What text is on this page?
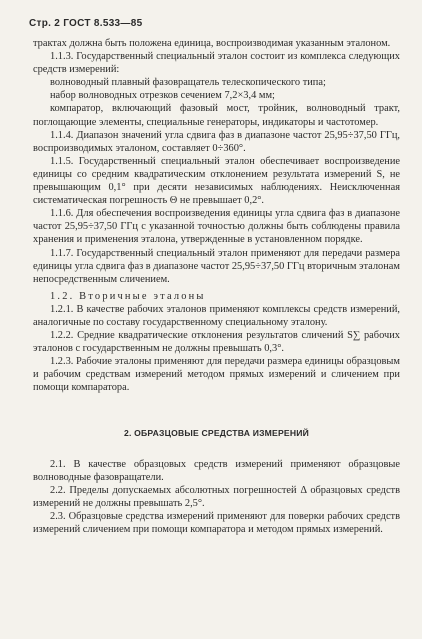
Стр. 2 ГОСТ 8.533—85

трактах должна быть положена единица, воспроизводимая указанным эталоном.

1.1.3. Государственный специальный эталон состоит из комплекса следующих средств измерений:

волноводный плавный фазовращатель телескопического типа;

набор волноводных отрезков сечением 7,2×3,4 мм;

компаратор, включающий фазовый мост, тройник, волноводный тракт, поглощающие элементы, специальные генераторы, индикаторы и частотомер.

1.1.4. Диапазон значений угла сдвига фаз в диапазоне частот 25,95÷37,50 ГГц, воспроизводимых эталоном, составляет 0÷360°.

1.1.5. Государственный специальный эталон обеспечивает воспроизведение единицы со средним квадратическим отклонением результата измерений S, не превышающим 0,1° при десяти независимых наблюдениях. Неисключенная систематическая погрешность Θ не превышает 0,2°.

1.1.6. Для обеспечения воспроизведения единицы угла сдвига фаз в диапазоне частот 25,95÷37,50 ГГц с указанной точностью должны быть соблюдены правила хранения и применения эталона, утвержденные в установленном порядке.

1.1.7. Государственный специальный эталон применяют для передачи размера единицы угла сдвига фаз в диапазоне частот 25,95÷37,50 ГГц вторичным эталонам непосредственным сличением.

1.2. Вторичные эталоны

1.2.1. В качестве рабочих эталонов применяют комплексы средств измерений, аналогичные по составу государственному специальному эталону.

1.2.2. Средние квадратические отклонения результатов сличений S∑ рабочих эталонов с государственным не должны превышать 0,3°.

1.2.3. Рабочие эталоны применяют для передачи размера единицы образцовым и рабочим средствам измерений методом прямых измерений и сличением при помощи компаратора.

2. ОБРАЗЦОВЫЕ СРЕДСТВА ИЗМЕРЕНИЙ

2.1. В качестве образцовых средств измерений применяют образцовые волноводные фазовращатели.

2.2. Пределы допускаемых абсолютных погрешностей Δ образцовых средств измерений не должны превышать 2,5°.

2.3. Образцовые средства измерений применяют для поверки рабочих средств измерений сличением при помощи компаратора и методом прямых измерений.
